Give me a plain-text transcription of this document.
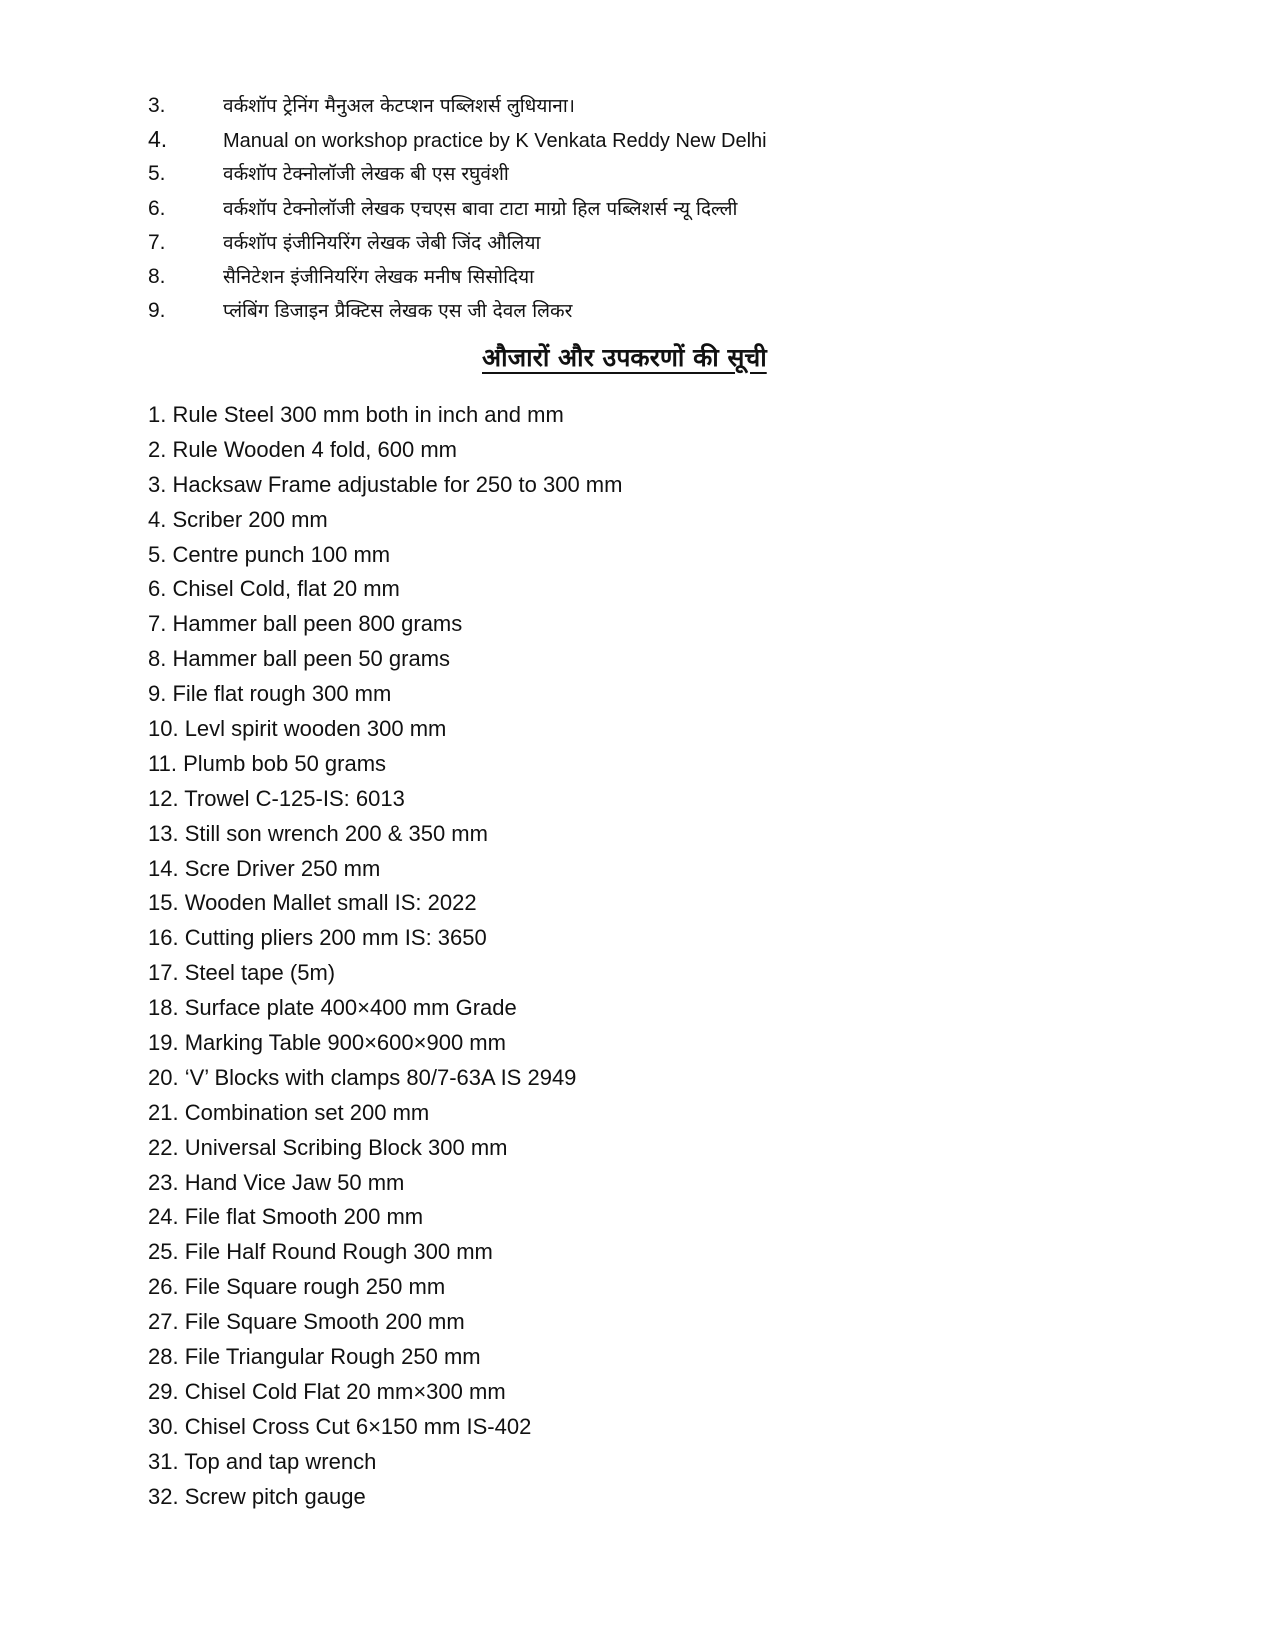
3.	वर्कशॉप ट्रेनिंग मैनुअल केटप्शन पब्लिशर्स लुधियाना।
4.	Manual on workshop practice by K Venkata Reddy New Delhi
5.	वर्कशॉप टेक्नोलॉजी लेखक बी एस रघुवंशी
6.	वर्कशॉप टेक्नोलॉजी लेखक एचएस बावा टाटा माग्रो हिल पब्लिशर्स न्यू दिल्ली
7.	वर्कशॉप इंजीनियरिंग लेखक जेबी जिंद औलिया
8.	सैनिटेशन इंजीनियरिंग लेखक मनीष सिसोदिया
9.	प्लंबिंग डिजाइन प्रैक्टिस लेखक एस जी देवल लिकर
औजारों और उपकरणों की सूची
1. Rule Steel 300 mm both in inch and mm
2. Rule Wooden 4 fold, 600 mm
3. Hacksaw Frame adjustable for 250 to 300 mm
4. Scriber 200 mm
5. Centre punch 100 mm
6. Chisel Cold, flat 20 mm
7. Hammer ball peen 800 grams
8. Hammer ball peen 50 grams
9. File flat rough 300 mm
10. Levl spirit wooden 300 mm
11. Plumb bob 50 grams
12. Trowel C-125-IS: 6013
13. Still son wrench 200 & 350 mm
14. Scre Driver 250 mm
15. Wooden Mallet small IS: 2022
16. Cutting pliers 200 mm IS: 3650
17. Steel tape (5m)
18. Surface plate 400×400 mm Grade
19. Marking Table 900×600×900 mm
20. ‘V’ Blocks with clamps 80/7-63A IS 2949
21. Combination set 200 mm
22. Universal Scribing Block 300 mm
23. Hand Vice Jaw 50 mm
24. File flat Smooth 200 mm
25. File Half Round Rough 300 mm
26. File Square rough 250 mm
27. File Square Smooth 200 mm
28. File Triangular Rough 250 mm
29. Chisel Cold Flat 20 mm×300 mm
30. Chisel Cross Cut 6×150 mm IS-402
31. Top and tap wrench
32. Screw pitch gauge
